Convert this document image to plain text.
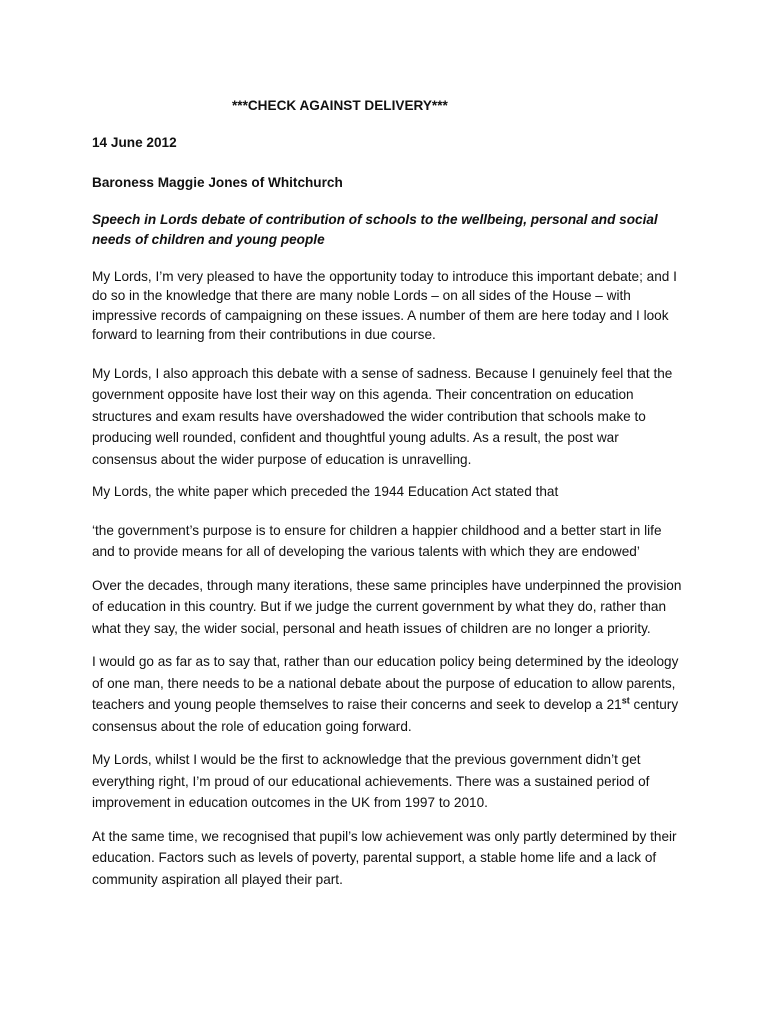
***CHECK AGAINST DELIVERY***

14 June 2012

Baroness Maggie Jones of Whitchurch

Speech in Lords debate of contribution of schools to the wellbeing, personal and social needs of children and young people

My Lords, I’m very pleased to have the opportunity today to introduce this important debate; and I do so in the knowledge that there are many noble Lords – on all sides of the House – with impressive records of campaigning on these issues. A number of them are here today and I look forward to learning from their contributions in due course.

My Lords, I also approach this debate with a sense of sadness. Because I genuinely feel that the government opposite have lost their way on this agenda. Their concentration on education structures and exam results have overshadowed the wider contribution that schools make to producing well rounded, confident and thoughtful young adults. As a result, the post war consensus about the wider purpose of education is unravelling.

My Lords, the white paper which preceded the 1944 Education Act stated that

‘the government’s purpose is to ensure for children a happier childhood and a better start in life and to provide means for all of developing the various talents with which they are endowed’

Over the decades, through many iterations, these same principles have underpinned the provision of education in this country. But if we judge the current government by what they do, rather than what they say, the wider social, personal and heath issues of children are no longer a priority.

I would go as far as to say that, rather than our education policy being determined by the ideology of one man, there needs to be a national debate about the purpose of education to allow parents, teachers and young people themselves to raise their concerns and seek to develop a 21st century consensus about the role of education going forward.

My Lords, whilst I would be the first to acknowledge that the previous government didn’t get everything right, I’m proud of our educational achievements. There was a sustained period of improvement in education outcomes in the UK from 1997 to 2010.

At the same time, we recognised that pupil’s low achievement was only partly determined by their education. Factors such as levels of poverty, parental support, a stable home life and a lack of community aspiration all played their part.
